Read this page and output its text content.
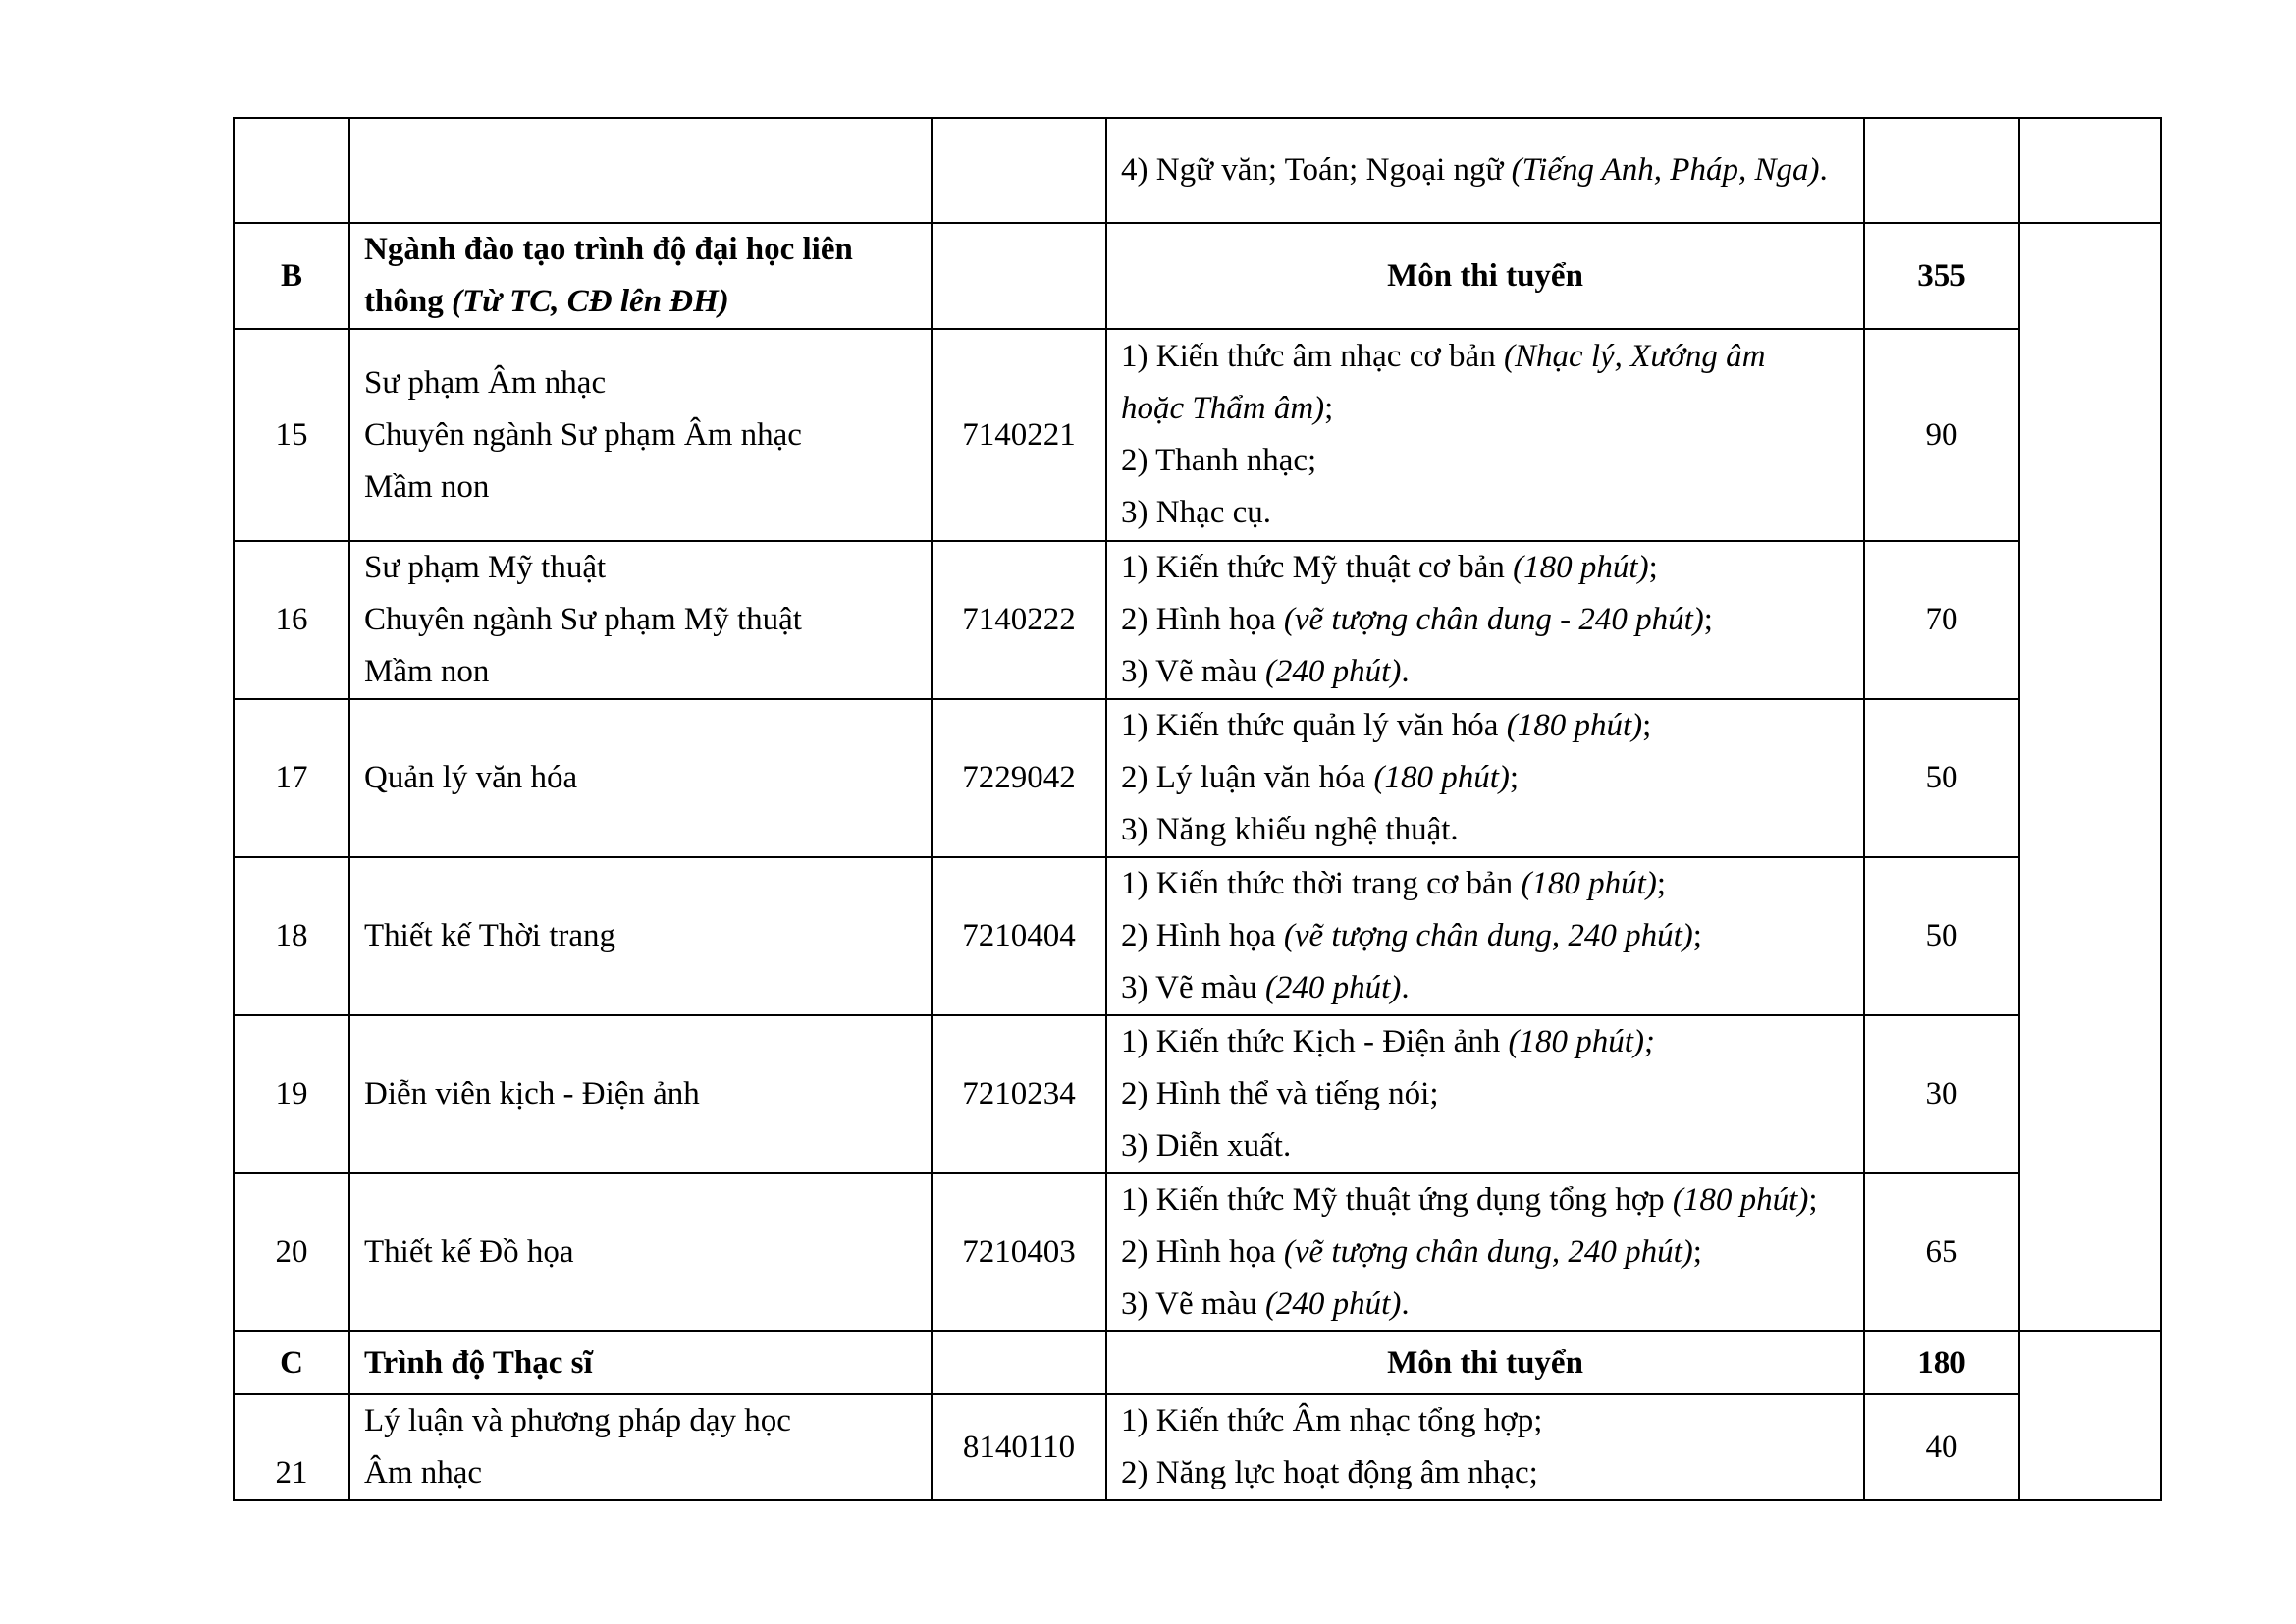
			4) Ngữ văn; Toán; Ngoại ngữ (Tiếng Anh, Pháp, Nga).		
B	Ngành đào tạo trình độ đại học liên thông (Từ TC, CĐ lên ĐH)		Môn thi tuyển	355	
15	Sư phạm Âm nhạc
Chuyên ngành Sư phạm Âm nhạc
Mầm non	7140221	1) Kiến thức âm nhạc cơ bản (Nhạc lý, Xướng âm
hoặc Thẩm âm);
2) Thanh nhạc;
3) Nhạc cụ.	90	
16	Sư phạm Mỹ thuật
Chuyên ngành Sư phạm Mỹ thuật
Mầm non	7140222	1) Kiến thức Mỹ thuật cơ bản (180 phút);
2) Hình họa (vẽ tượng chân dung - 240 phút);
3) Vẽ màu (240 phút).	70	
17	Quản lý văn hóa	7229042	1) Kiến thức quản lý văn hóa (180 phút);
2) Lý luận văn hóa (180 phút);
3) Năng khiếu nghệ thuật.	50	
18	Thiết kế Thời trang	7210404	1) Kiến thức thời trang cơ bản (180 phút);
2) Hình họa (vẽ tượng chân dung, 240 phút);
3) Vẽ màu (240 phút).	50	
19	Diễn viên kịch - Điện ảnh	7210234	1) Kiến thức Kịch - Điện ảnh (180 phút);
2) Hình thể và tiếng nói;
3) Diễn xuất.	30	
20	Thiết kế Đồ họa	7210403	1) Kiến thức Mỹ thuật ứng dụng tổng hợp (180 phút);
2) Hình họa (vẽ tượng chân dung, 240 phút);
3) Vẽ màu (240 phút).	65	
C	Trình độ Thạc sĩ		Môn thi tuyển	180	
21	Lý luận và phương pháp dạy học
Âm nhạc	8140110	1) Kiến thức Âm nhạc tổng hợp;
2) Năng lực hoạt động âm nhạc;	40	
